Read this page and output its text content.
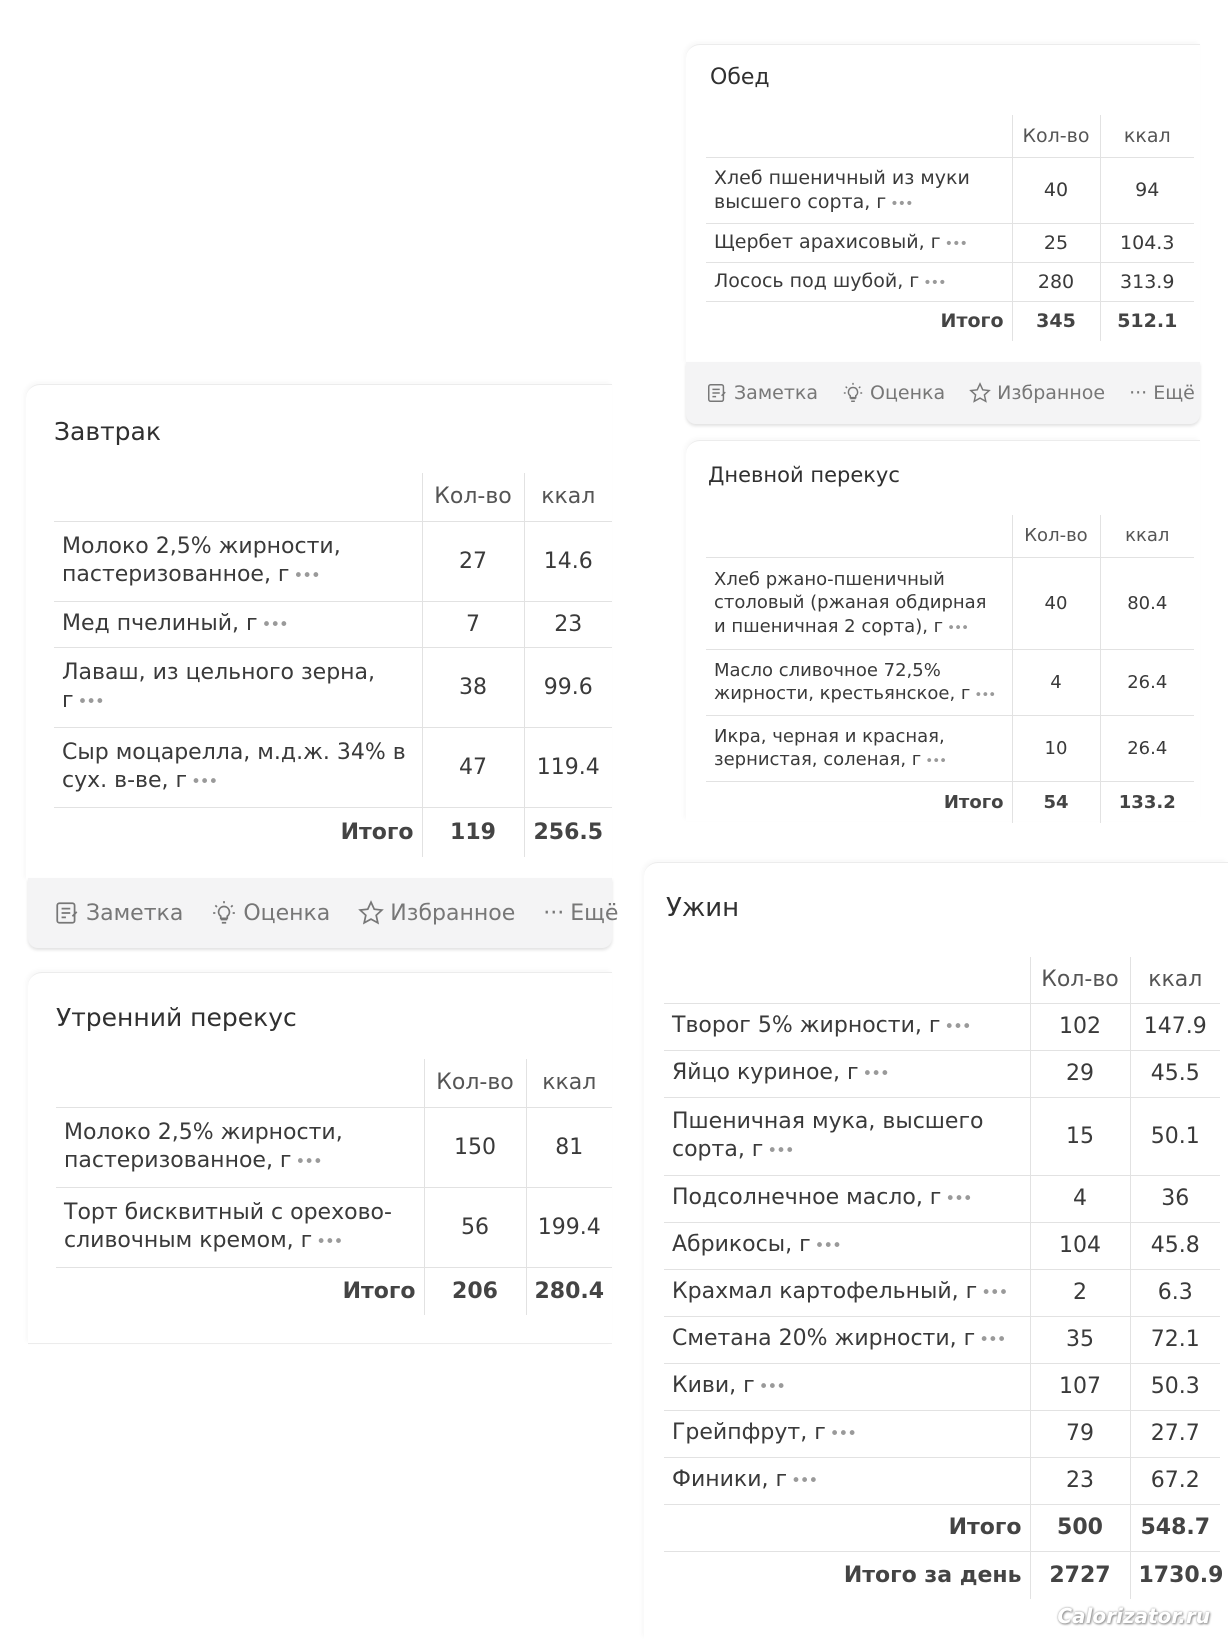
Обед
	Кол-во	ккал
Хлеб пшеничный из муки высшего сорта, г •••	40	94
Щербет арахисовый, г •••	25	104.3
Лосось под шубой, г •••	280	313.9
Итого	345	512.1
Заметка	Оценка	Избранное ··· Ещё
Дневной перекус
	Кол-во	ккал
Хлеб ржано-пшеничный столовый (ржаная обдирная и пшеничная 2 сорта), г •••	40	80.4
Масло сливочное 72,5% жирности, крестьянское, г •••	4	26.4
Икра, черная и красная, зернистая, соленая, г •••	10	26.4
Итого	54	133.2
Завтрак
	Кол-во	ккал
Молоко 2,5% жирности, пастеризованное, г •••	27	14.6
Мед пчелиный, г •••	7	23
Лаваш, из цельного зерна, г •••	38	99.6
Сыр моцарелла, м.д.ж. 34% в сух. в-ве, г •••	47	119.4
Итого	119	256.5
Заметка	Оценка	Избранное ··· Ещё
Утренний перекус
	Кол-во	ккал
Молоко 2,5% жирности, пастеризованное, г •••	150	81
Торт бисквитный с орехово-сливочным кремом, г •••	56	199.4
Итого	206	280.4
Ужин
	Кол-во	ккал
Творог 5% жирности, г •••	102	147.9
Яйцо куриное, г •••	29	45.5
Пшеничная мука, высшего сорта, г •••	15	50.1
Подсолнечное масло, г •••	4	36
Абрикосы, г •••	104	45.8
Крахмал картофельный, г •••	2	6.3
Сметана 20% жирности, г •••	35	72.1
Киви, г •••	107	50.3
Грейпфрут, г •••	79	27.7
Финики, г •••	23	67.2
Итого	500	548.7
Итого за день	2727	1730.9
Calorizator.ru
